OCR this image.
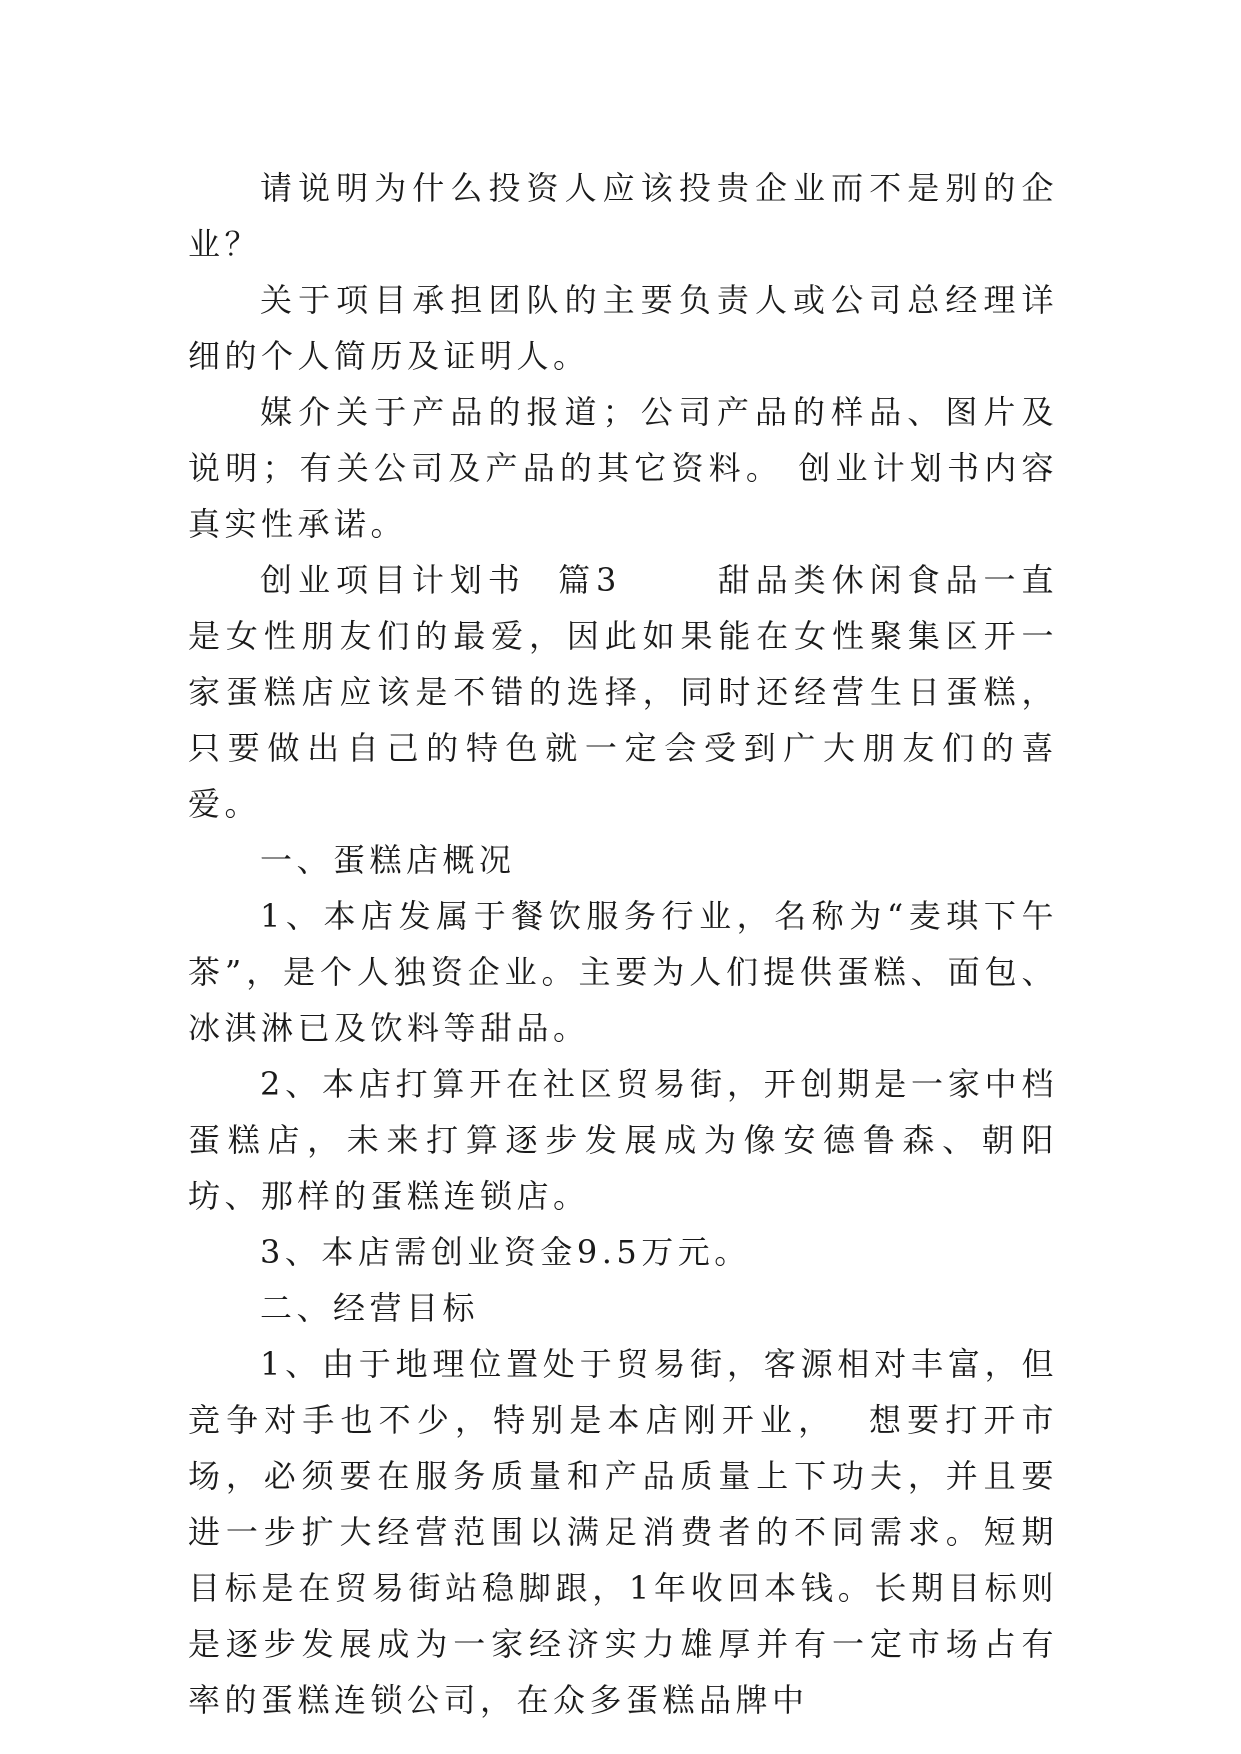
请说明为什么投资人应该投贵企业而不是别的企业？

关于项目承担团队的主要负责人或公司总经理详细的个人简历及证明人。

媒介关于产品的报道；公司产品的样品、图片及说明；有关公司及产品的其它资料。 创业计划书内容真实性承诺。

创业项目计划书  篇3      甜品类休闲食品一直是女性朋友们的最爱，因此如果能在女性聚集区开一家蛋糕店应该是不错的选择，同时还经营生日蛋糕，只要做出自己的特色就一定会受到广大朋友们的喜爱。

一、蛋糕店概况

1、本店发属于餐饮服务行业，名称为“麦琪下午茶”，是个人独资企业。主要为人们提供蛋糕、面包、冰淇淋已及饮料等甜品。

2、本店打算开在社区贸易街，开创期是一家中档蛋糕店，未来打算逐步发展成为像安德鲁森、朝阳坊、那样的蛋糕连锁店。

3、本店需创业资金9.5万元。

二、经营目标

1、由于地理位置处于贸易街，客源相对丰富，但竞争对手也不少，特别是本店刚开业，  想要打开市场，必须要在服务质量和产品质量上下功夫，并且要进一步扩大经营范围以满足消费者的不同需求。短期目标是在贸易街站稳脚跟，1年收回本钱。长期目标则是逐步发展成为一家经济实力雄厚并有一定市场占有率的蛋糕连锁公司，在众多蛋糕品牌中
